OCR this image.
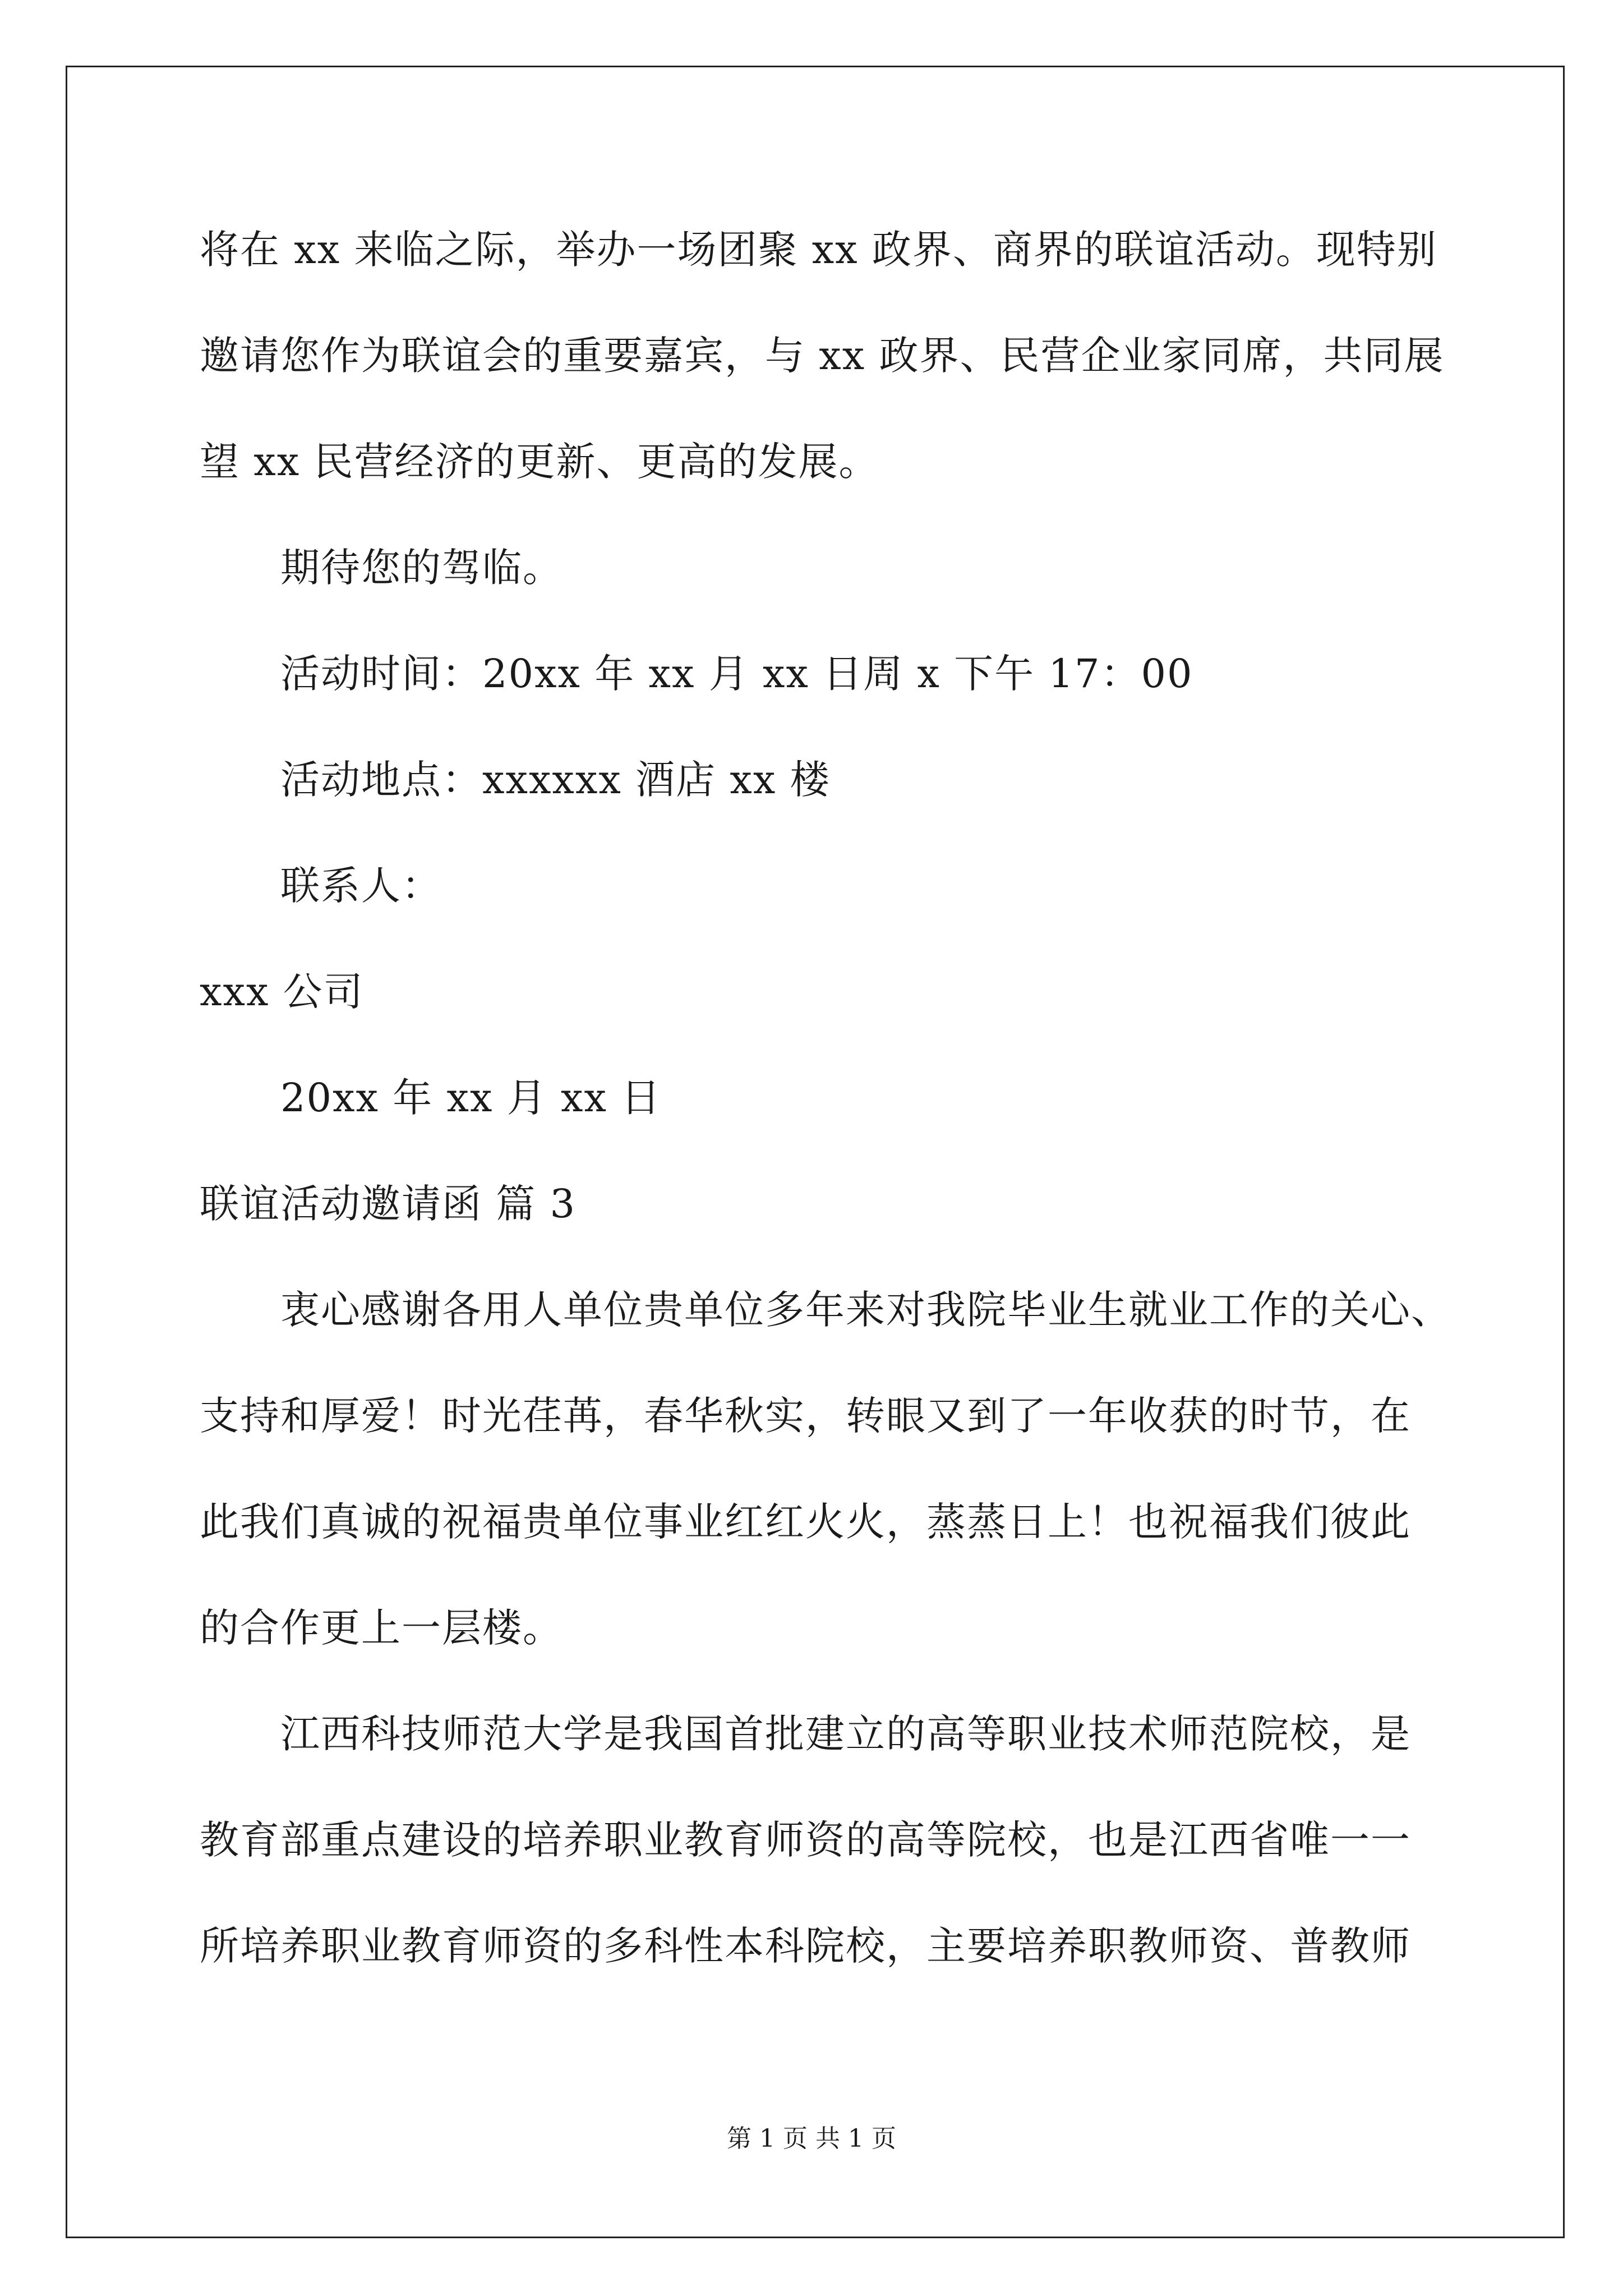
将在 xx 来临之际，举办一场团聚 xx 政界、商界的联谊活动。现特别
邀请您作为联谊会的重要嘉宾，与 xx 政界、民营企业家同席，共同展
望 xx 民营经济的更新、更高的发展。
期待您的驾临。
活动时间：20xx 年 xx 月 xx 日周 x 下午 17：00
活动地点：xxxxxx 酒店 xx 楼
联系人：
xxx 公司
20xx 年 xx 月 xx 日
联谊活动邀请函 篇 3
衷心感谢各用人单位贵单位多年来对我院毕业生就业工作的关心、
支持和厚爱！时光荏苒，春华秋实，转眼又到了一年收获的时节，在
此我们真诚的祝福贵单位事业红红火火，蒸蒸日上！也祝福我们彼此
的合作更上一层楼。
江西科技师范大学是我国首批建立的高等职业技术师范院校，是
教育部重点建设的培养职业教育师资的高等院校，也是江西省唯一一
所培养职业教育师资的多科性本科院校，主要培养职教师资、普教师
第 1 页 共 1 页
